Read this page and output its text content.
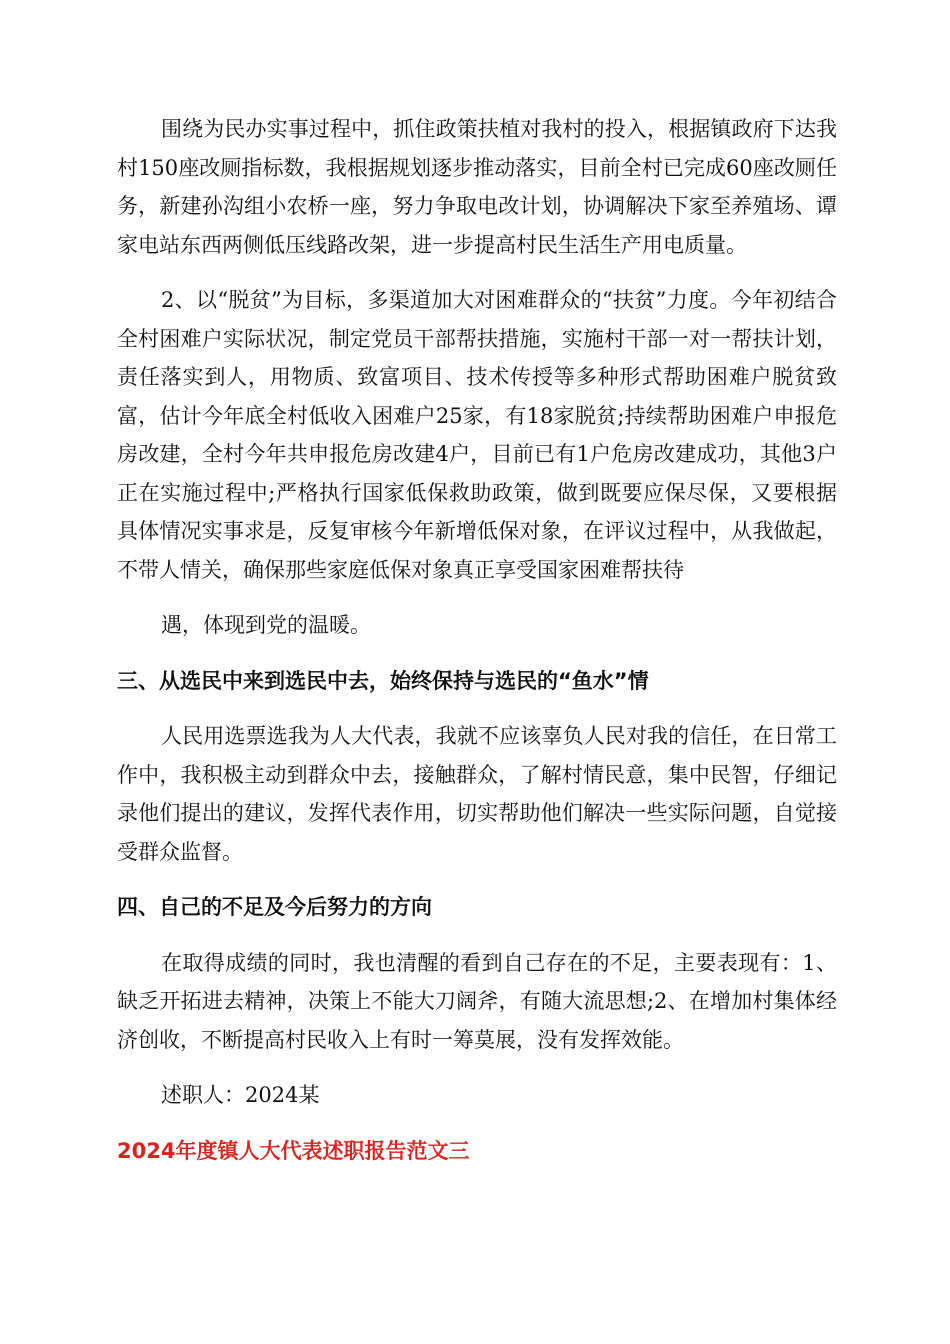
围绕为民办实事过程中，抓住政策扶植对我村的投入，根据镇政府下达我村150座改厕指标数，我根据规划逐步推动落实，目前全村已完成60座改厕任务，新建孙沟组小农桥一座，努力争取电改计划，协调解决下家至养殖场、谭家电站东西两侧低压线路改架，进一步提高村民生活生产用电质量。

2、以“脱贫”为目标，多渠道加大对困难群众的“扶贫”力度。今年初结合全村困难户实际状况，制定党员干部帮扶措施，实施村干部一对一帮扶计划，责任落实到人，用物质、致富项目、技术传授等多种形式帮助困难户脱贫致富，估计今年底全村低收入困难户25家，有18家脱贫;持续帮助困难户申报危房改建，全村今年共申报危房改建4户，目前已有1户危房改建成功，其他3户正在实施过程中;严格执行国家低保救助政策，做到既要应保尽保，又要根据具体情况实事求是，反复审核今年新增低保对象，在评议过程中，从我做起，不带人情关，确保那些家庭低保对象真正享受国家困难帮扶待

遇，体现到党的温暖。

三、从选民中来到选民中去，始终保持与选民的“鱼水”情

人民用选票选我为人大代表，我就不应该辜负人民对我的信任，在日常工作中，我积极主动到群众中去，接触群众，了解村情民意，集中民智，仔细记录他们提出的建议，发挥代表作用，切实帮助他们解决一些实际问题，自觉接受群众监督。

四、自己的不足及今后努力的方向

在取得成绩的同时，我也清醒的看到自己存在的不足，主要表现有：1、缺乏开拓进去精神，决策上不能大刀阔斧，有随大流思想;2、在增加村集体经济创收，不断提高村民收入上有时一筹莫展，没有发挥效能。

述职人：2024某

2024年度镇人大代表述职报告范文三
